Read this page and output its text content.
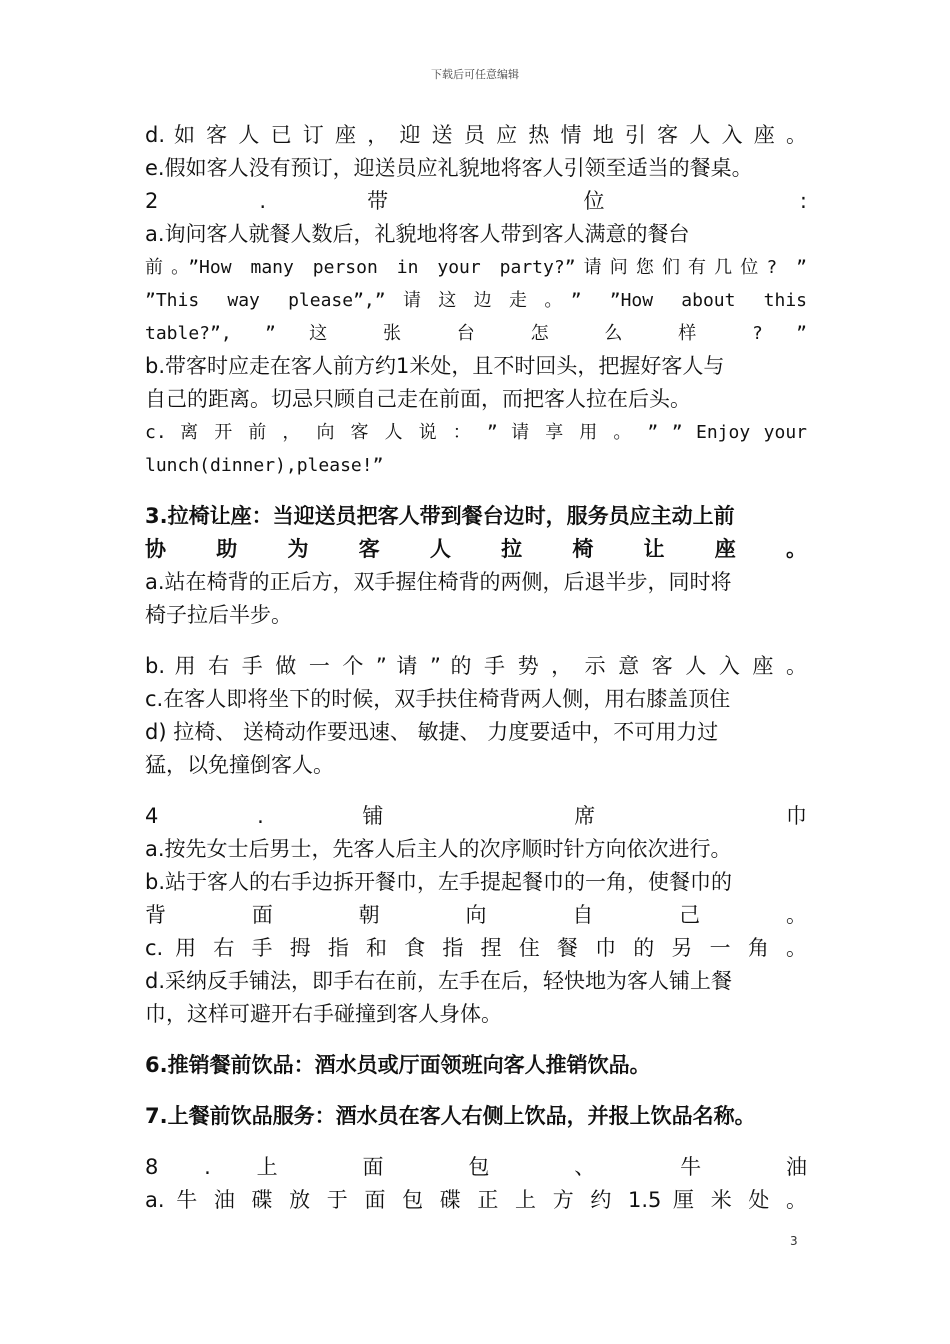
下载后可任意编辑
d. 如 客 人 已 订 座 ， 迎 送 员 应 热 情 地 引 客 人 入 座 。
e.假如客人没有预订，迎送员应礼貌地将客人引领至适当的餐桌。
2 . 带 位 :
a.询问客人就餐人数后，礼貌地将客人带到客人满意的餐台
前。”How many person in your party?”请问您们有几位? ”
”This way please”,”请这边走。” ”How about this
table?”, ” 这 张 台 怎 么 样 ? ”
b.带客时应走在客人前方约1米处，且不时回头，把握好客人与
自己的距离。切忌只顾自己走在前面，而把客人拉在后头。
c. 离 开 前 ， 向 客 人 说 ： ” 请 享 用 。 ” ” Enjoy your
lunch(dinner),please!”
3.拉椅让座：当迎送员把客人带到餐台边时，服务员应主动上前
协 助 为 客 人 拉 椅 让 座 。
a.站在椅背的正后方，双手握住椅背的两侧，后退半步，同时将
椅子拉后半步。
b. 用 右 手 做 一 个 ” 请 ” 的 手 势 ， 示 意 客 人 入 座 。
c.在客人即将坐下的时候，双手扶住椅背两人侧，用右膝盖顶住
d) 拉椅、 送椅动作要迅速、 敏捷、 力度要适中，不可用力过
猛，以免撞倒客人。
4 . 铺 席 巾
a.按先女士后男士，先客人后主人的次序顺时针方向依次进行。
b.站于客人的右手边拆开餐巾，左手提起餐巾的一角，使餐巾的
背 面 朝 向 自 己 。
c. 用 右 手 拇 指 和 食 指 捏 住 餐 巾 的 另 一 角 。
d.采纳反手铺法，即手右在前，左手在后，轻快地为客人铺上餐
巾，这样可避开右手碰撞到客人身体。
6.推销餐前饮品：酒水员或厅面领班向客人推销饮品。
7.上餐前饮品服务：酒水员在客人右侧上饮品，并报上饮品名称。
8 . 上 面 包 、 牛 油
a. 牛 油 碟 放 于 面 包 碟 正 上 方 约 1.5 厘 米 处 。
3
